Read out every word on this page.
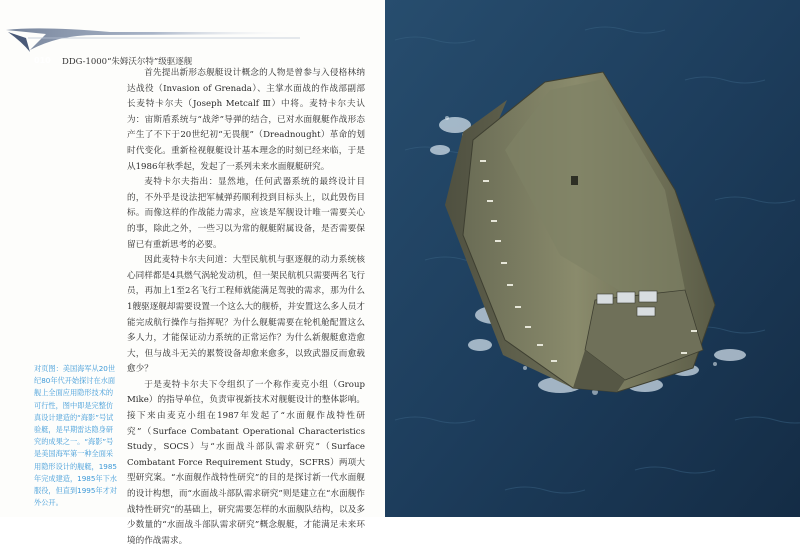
010 DDG-1000“朱姆沃尔特”级驱逐舰

首先提出新形态舰艇设计概念的人物是曾参与入侵格林纳达战役（Invasion of Grenada）、主掌水面战的作战部副部长麦特卡尔夫（Joseph Metcalf Ⅲ）中将。麦特卡尔夫认为：宙斯盾系统与“战斧”导弹的结合，已对水面舰艇作战形态产生了不下于20世纪初“无畏舰”（Dreadnought）革命的划时代变化。重新检视舰艇设计基本理念的时刻已经来临，于是从1986年秋季起，发起了一系列未来水面舰艇研究。

麦特卡尔夫指出：显然地，任何武器系统的最终设计目的，不外乎是设法把军械弹药顺利投到目标头上，以此毁伤目标。而像这样的作战能力需求，应该是军舰设计唯一需要关心的事，除此之外，一些习以为常的舰艇附属设备，是否需要保留已有重新思考的必要。

因此麦特卡尔夫问道：大型民航机与驱逐舰的动力系统核心同样都是4具燃气涡轮发动机，但一架民航机只需要两名飞行员，再加上1至2名飞行工程师就能满足驾驶的需求，那为什么1艘驱逐舰却需要设置一个这么大的舰桥，并安置这么多人员才能完成航行操作与指挥呢？为什么舰艇需要在轮机舱配置这么多人力，才能保证动力系统的正常运作？为什么新舰艇愈造愈大，但与战斗无关的累赘设备却愈来愈多，以致武器反而愈载愈少？

于是麦特卡尔夫下令组织了一个称作麦克小组（Group Mike）的指导单位，负责审视新技术对舰艇设计的整体影响。接下来由麦克小组在1987年发起了“水面舰作战特性研究”（Surface Combatant Operational Characteristics Study，SOCS）与“水面战斗部队需求研究”（Surface Combatant Force Requirement Study，SCFRS）两项大型研究案。“水面舰作战特性研究”的目的是探讨新一代水面舰的设计构想，而“水面战斗部队需求研究”则是建立在“水面舰作战特性研究”的基础上，研究需要怎样的水面舰队结构，以及多少数量的“水面战斗部队需求研究”概念舰艇，才能满足未来环境的作战需求。

对页图：美国海军从20世纪80年代开始探讨在水面舰上全面应用隐形技术的可行性，图中即是完整仿真设计建造的“海影”号试验艇，是早期雷达隐身研究的成果之一。“海影”号是美国海军第一种全面采用隐形设计的舰艇，1985年完成建造，1985年下水服役，但直到1995年才对外公开。
